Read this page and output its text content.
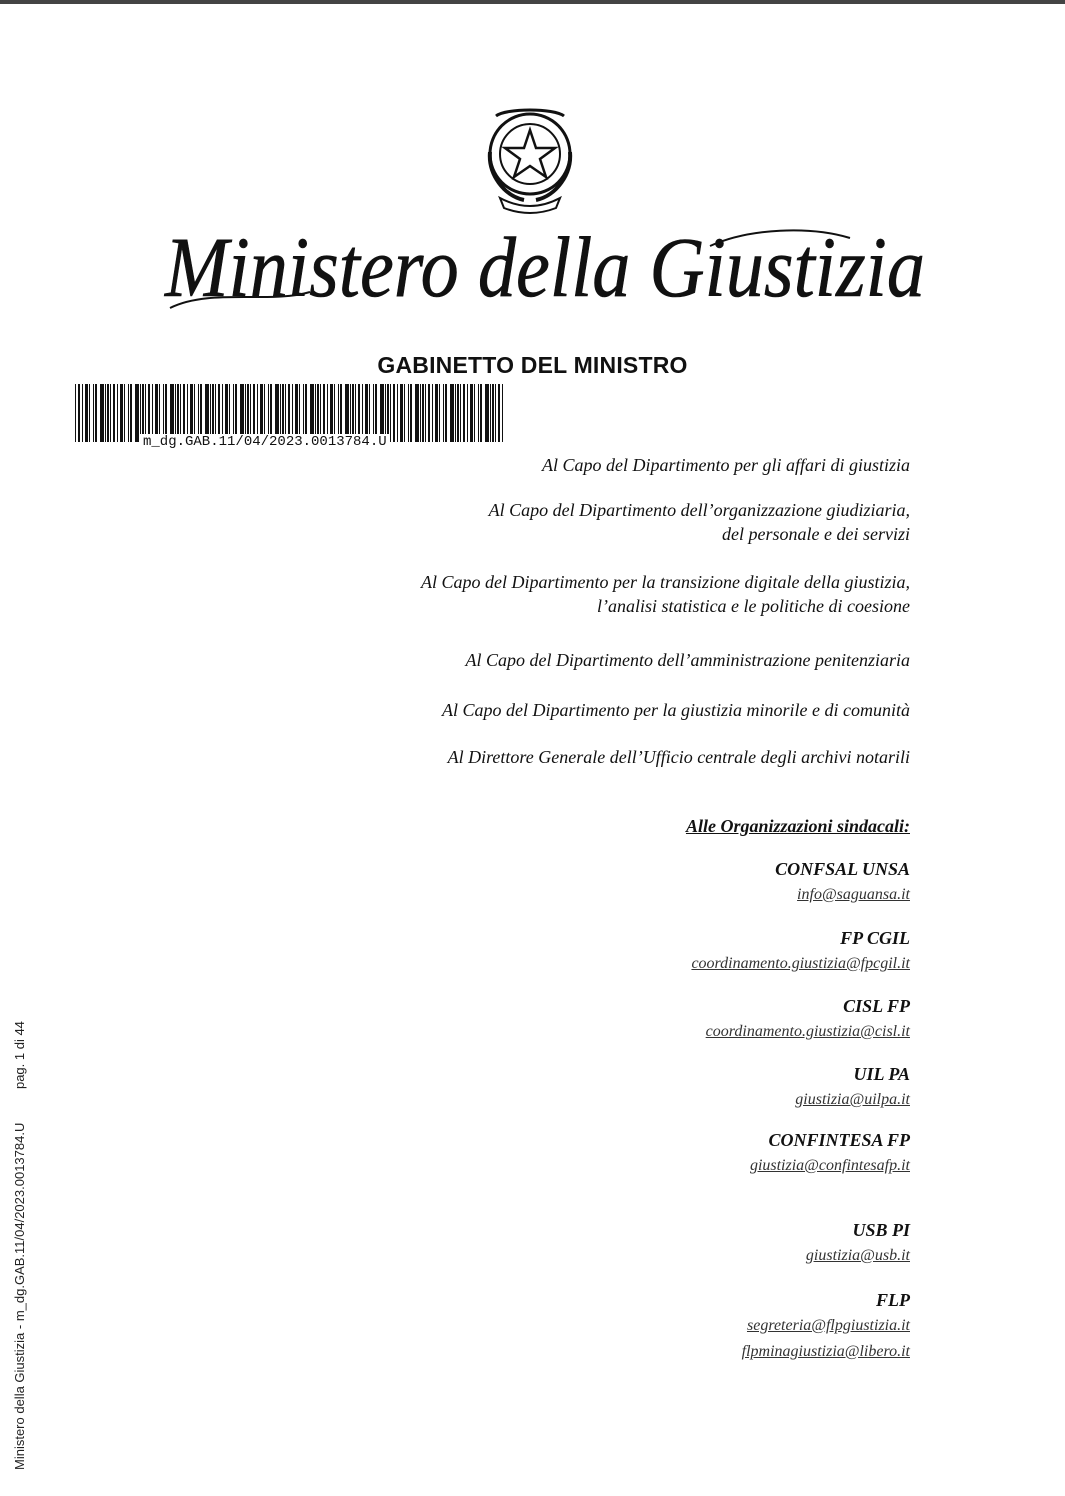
Ministero della Giustizia
GABINETTO DEL MINISTRO
m_dg.GAB.11/04/2023.0013784.U

Al Capo del Dipartimento per gli affari di giustizia

Al Capo del Dipartimento dell’organizzazione giudiziaria,
del personale e dei servizi

Al Capo del Dipartimento per la transizione digitale della giustizia,
l’analisi statistica e le politiche di coesione

Al Capo del Dipartimento dell’amministrazione penitenziaria

Al Capo del Dipartimento per la giustizia minorile e di comunità

Al Direttore Generale dell’Ufficio centrale degli archivi notarili

Alle Organizzazioni sindacali:

CONFSAL UNSA
info@saguansa.it

FP CGIL
coordinamento.giustizia@fpcgil.it

CISL FP
coordinamento.giustizia@cisl.it

UIL PA
giustizia@uilpa.it

CONFINTESA FP
giustizia@confintesafp.it

USB PI
giustizia@usb.it

FLP
segreteria@flpgiustizia.it
flpminagiustizia@libero.it

Ministero della Giustizia - m_dg.GAB.11/04/2023.0013784.U pag. 1 di 44
